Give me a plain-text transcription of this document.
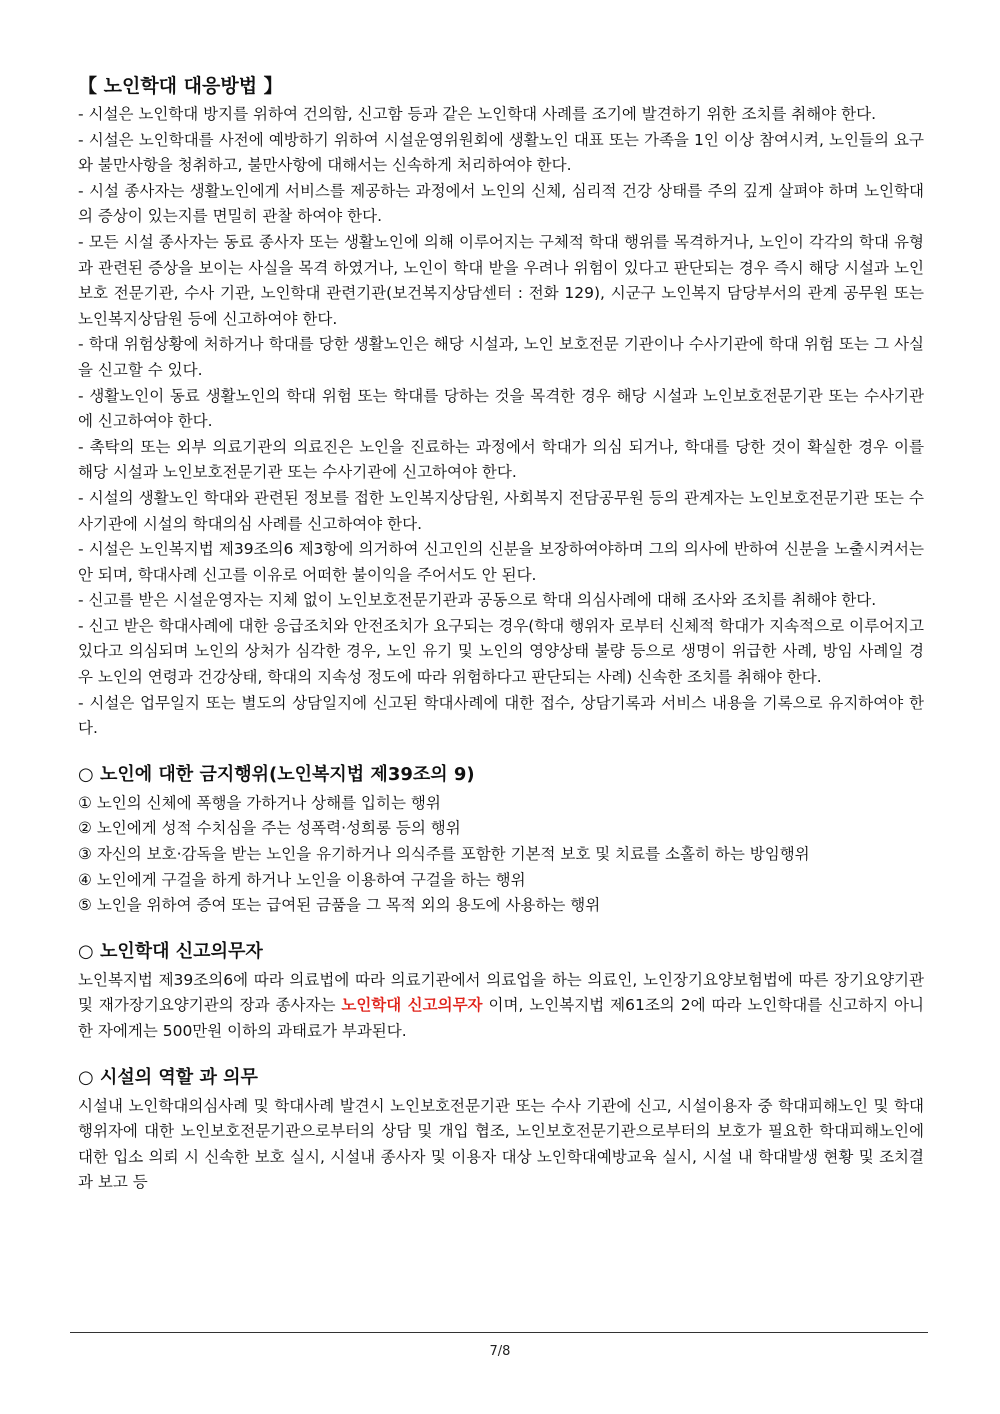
【 노인학대 대응방법 】

- 시설은 노인학대 방지를 위하여 건의함, 신고함 등과 같은 노인학대 사례를 조기에 발견하기 위한 조치를 취해야 한다.

- 시설은 노인학대를 사전에 예방하기 위하여 시설운영위원회에 생활노인 대표 또는 가족을 1인 이상 참여시켜, 노인들의 요구와 불만사항을 청취하고, 불만사항에 대해서는 신속하게 처리하여야 한다.

- 시설 종사자는 생활노인에게 서비스를 제공하는 과정에서 노인의 신체, 심리적 건강 상태를 주의 깊게 살펴야 하며 노인학대의 증상이 있는지를 면밀히 관찰 하여야 한다.

- 모든 시설 종사자는 동료 종사자 또는 생활노인에 의해 이루어지는 구체적 학대 행위를 목격하거나, 노인이 각각의 학대 유형과 관련된 증상을 보이는 사실을 목격 하였거나, 노인이 학대 받을 우려나 위험이 있다고 판단되는 경우 즉시 해당 시설과 노인보호 전문기관, 수사 기관, 노인학대 관련기관(보건복지상담센터 : 전화 129), 시군구 노인복지 담당부서의 관계 공무원 또는 노인복지상담원 등에 신고하여야 한다.

- 학대 위험상황에 처하거나 학대를 당한 생활노인은 해당 시설과, 노인 보호전문 기관이나 수사기관에 학대 위험 또는 그 사실을 신고할 수 있다.

- 생활노인이 동료 생활노인의 학대 위험 또는 학대를 당하는 것을 목격한 경우 해당 시설과 노인보호전문기관 또는 수사기관에 신고하여야 한다.

- 촉탁의 또는 외부 의료기관의 의료진은 노인을 진료하는 과정에서 학대가 의심 되거나, 학대를 당한 것이 확실한 경우 이를 해당 시설과 노인보호전문기관 또는 수사기관에 신고하여야 한다.

- 시설의 생활노인 학대와 관련된 정보를 접한 노인복지상담원, 사회복지 전담공무원 등의 관계자는 노인보호전문기관 또는 수사기관에 시설의 학대의심 사례를 신고하여야 한다.

- 시설은 노인복지법 제39조의6 제3항에 의거하여 신고인의 신분을 보장하여야하며 그의 의사에 반하여 신분을 노출시켜서는 안 되며, 학대사례 신고를 이유로 어떠한 불이익을 주어서도 안 된다.

- 신고를 받은 시설운영자는 지체 없이 노인보호전문기관과 공동으로 학대 의심사례에 대해 조사와 조치를 취해야 한다.

- 신고 받은 학대사례에 대한 응급조치와 안전조치가 요구되는 경우(학대 행위자 로부터 신체적 학대가 지속적으로 이루어지고 있다고 의심되며 노인의 상처가 심각한 경우, 노인 유기 및 노인의 영양상태 불량 등으로 생명이 위급한 사례, 방임 사례일 경우 노인의 연령과 건강상태, 학대의 지속성 정도에 따라 위험하다고 판단되는 사례) 신속한 조치를 취해야 한다.

- 시설은 업무일지 또는 별도의 상담일지에 신고된 학대사례에 대한 접수, 상담기록과 서비스 내용을 기록으로 유지하여야 한다.

○ 노인에 대한 금지행위(노인복지법 제39조의 9)

① 노인의 신체에 폭행을 가하거나 상해를 입히는 행위

② 노인에게 성적 수치심을 주는 성폭력·성희롱 등의 행위

③ 자신의 보호·감독을 받는 노인을 유기하거나 의식주를 포함한 기본적 보호 및 치료를 소홀히 하는 방임행위

④ 노인에게 구걸을 하게 하거나 노인을 이용하여 구걸을 하는 행위

⑤ 노인을 위하여 증여 또는 급여된 금품을 그 목적 외의 용도에 사용하는 행위

○ 노인학대 신고의무자

노인복지법 제39조의6에 따라 의료법에 따라 의료기관에서 의료업을 하는 의료인, 노인장기요양보험법에 따른 장기요양기관 및 재가장기요양기관의 장과 종사자는 노인학대 신고의무자 이며, 노인복지법 제61조의 2에 따라 노인학대를 신고하지 아니한 자에게는 500만원 이하의 과태료가 부과된다.

○ 시설의 역할 과 의무

시설내 노인학대의심사례 및 학대사례 발견시 노인보호전문기관 또는 수사 기관에 신고, 시설이용자 중 학대피해노인 및 학대행위자에 대한 노인보호전문기관으로부터의 상담 및 개입 협조, 노인보호전문기관으로부터의 보호가 필요한 학대피해노인에 대한 입소 의뢰 시 신속한 보호 실시, 시설내 종사자 및 이용자 대상 노인학대예방교육 실시, 시설 내 학대발생 현황 및 조치결과 보고 등

7/8
